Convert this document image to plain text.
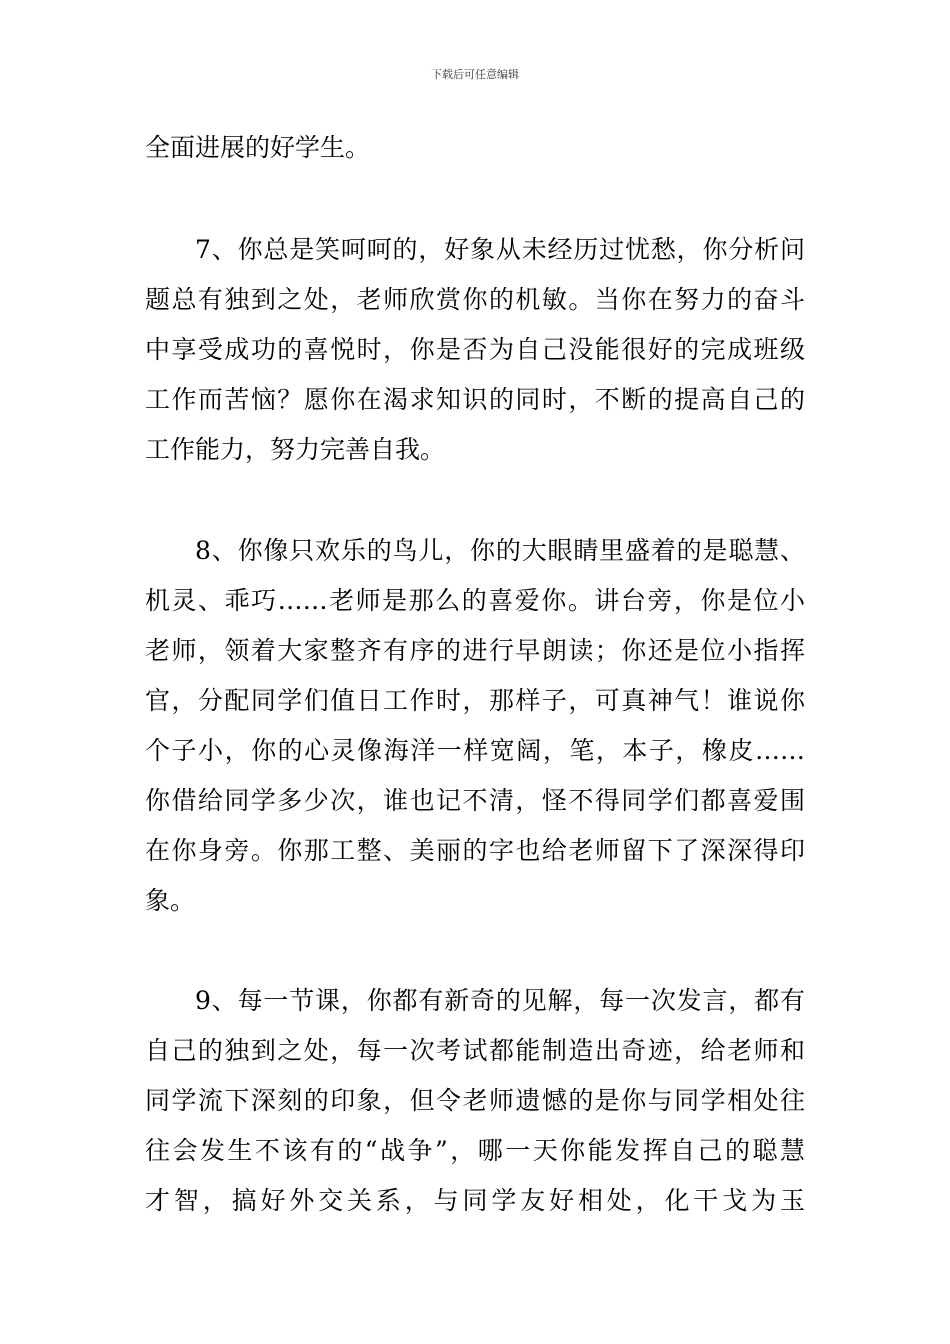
下载后可任意编辑
全面进展的好学生。
7、你总是笑呵呵的，好象从未经历过忧愁，你分析问
题总有独到之处，老师欣赏你的机敏。当你在努力的奋斗
中享受成功的喜悦时，你是否为自己没能很好的完成班级
工作而苦恼？愿你在渴求知识的同时，不断的提高自己的
工作能力，努力完善自我。
8、你像只欢乐的鸟儿，你的大眼睛里盛着的是聪慧、
机灵、乖巧……老师是那么的喜爱你。讲台旁，你是位小
老师，领着大家整齐有序的进行早朗读；你还是位小指挥
官，分配同学们值日工作时，那样子，可真神气！谁说你
个子小，你的心灵像海洋一样宽阔，笔，本子，橡皮……
你借给同学多少次，谁也记不清，怪不得同学们都喜爱围
在你身旁。你那工整、美丽的字也给老师留下了深深得印
象。
9、每一节课，你都有新奇的见解，每一次发言，都有
自己的独到之处，每一次考试都能制造出奇迹，给老师和
同学流下深刻的印象，但令老师遗憾的是你与同学相处往
往会发生不该有的“战争”，哪一天你能发挥自己的聪慧
才智，搞好外交关系，与同学友好相处，化干戈为玉
